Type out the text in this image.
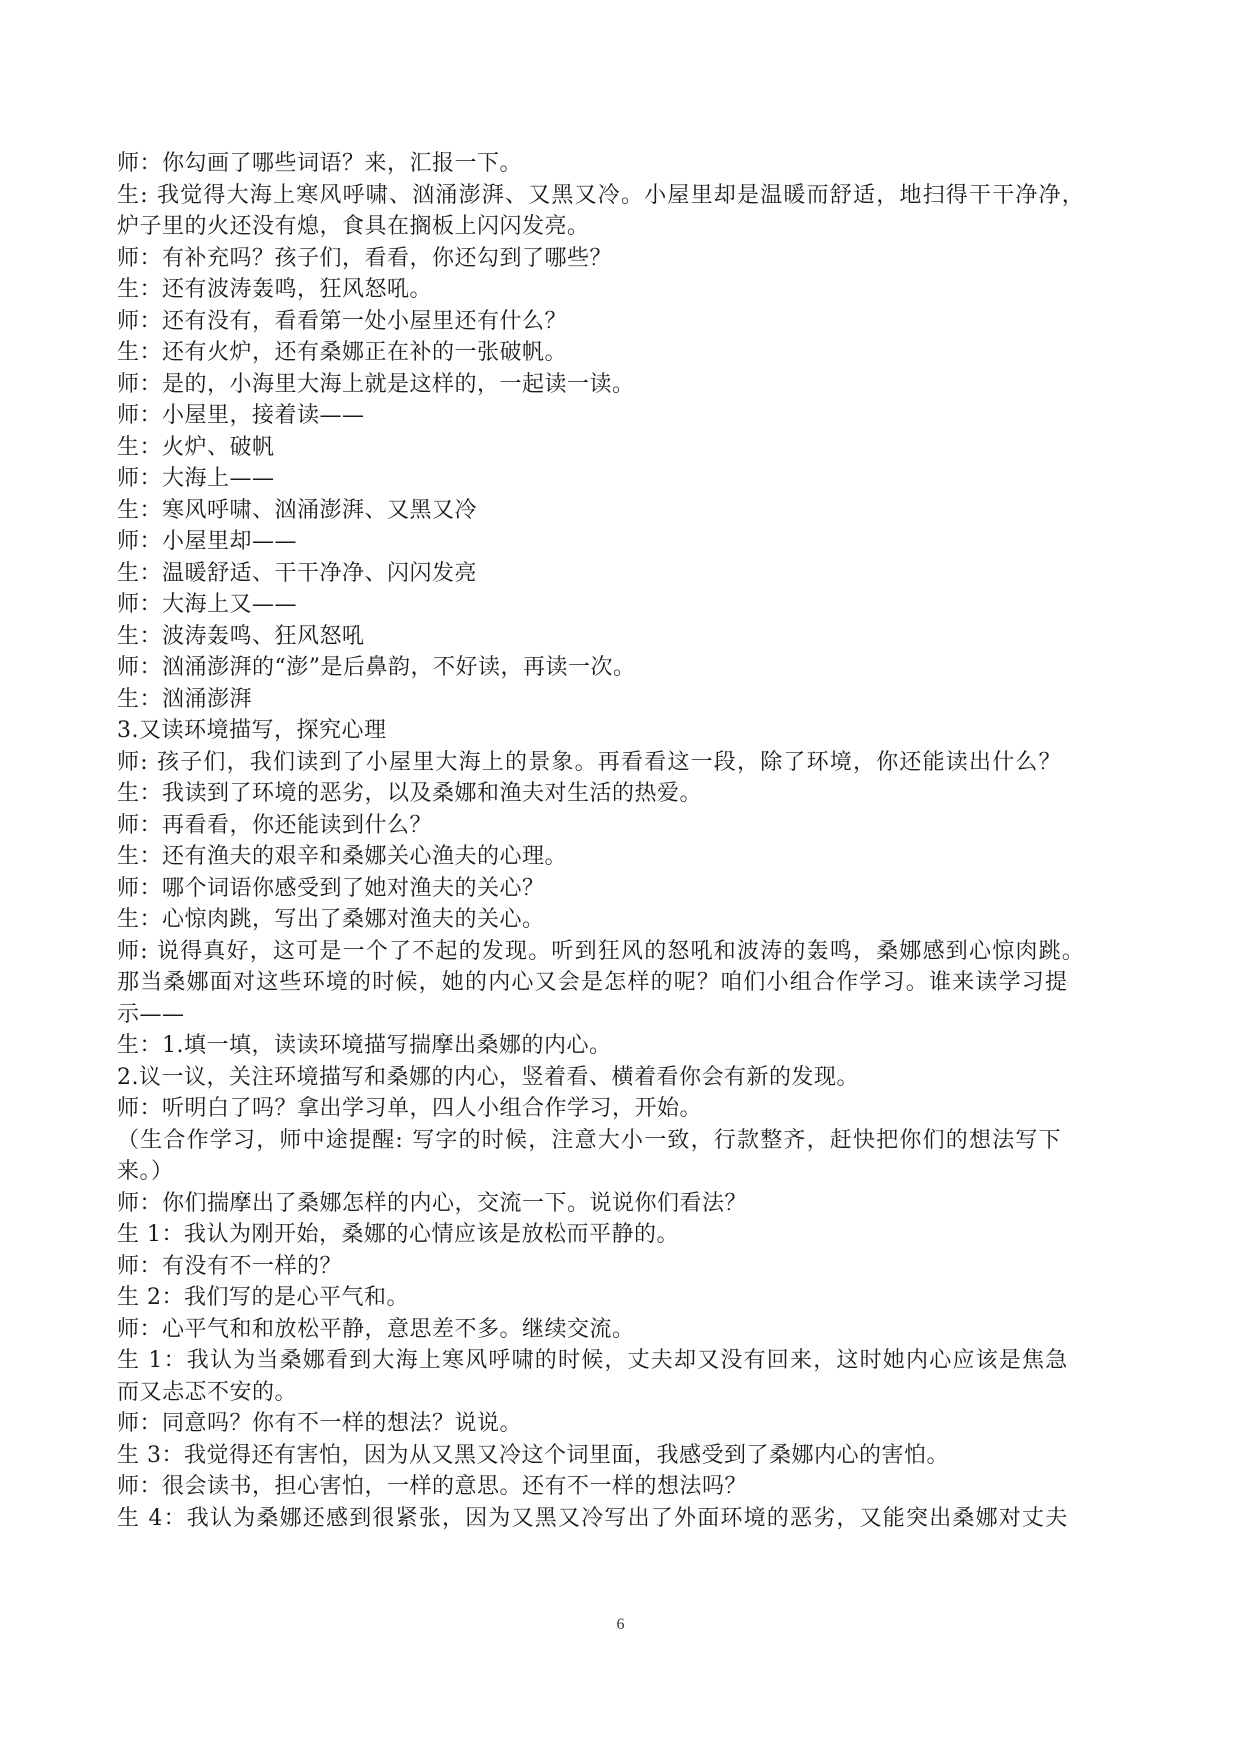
师：你勾画了哪些词语？来，汇报一下。
生: 我觉得大海上寒风呼啸、汹涌澎湃、又黑又冷。小屋里却是温暖而舒适，地扫得干干净净，
炉子里的火还没有熄，食具在搁板上闪闪发亮。
师：有补充吗？孩子们，看看，你还勾到了哪些？
生：还有波涛轰鸣，狂风怒吼。
师：还有没有，看看第一处小屋里还有什么？
生：还有火炉，还有桑娜正在补的一张破帆。
师：是的，小海里大海上就是这样的，一起读一读。
师：小屋里，接着读——
生：火炉、破帆
师：大海上——
生：寒风呼啸、汹涌澎湃、又黑又冷
师：小屋里却——
生：温暖舒适、干干净净、闪闪发亮
师：大海上又——
生：波涛轰鸣、狂风怒吼
师：汹涌澎湃的“澎”是后鼻韵，不好读，再读一次。
生：汹涌澎湃
3.又读环境描写，探究心理
师: 孩子们，我们读到了小屋里大海上的景象。再看看这一段，除了环境，你还能读出什么？
生：我读到了环境的恶劣，以及桑娜和渔夫对生活的热爱。
师：再看看，你还能读到什么？
生：还有渔夫的艰辛和桑娜关心渔夫的心理。
师：哪个词语你感受到了她对渔夫的关心？
生：心惊肉跳，写出了桑娜对渔夫的关心。
师: 说得真好，这可是一个了不起的发现。听到狂风的怒吼和波涛的轰鸣，桑娜感到心惊肉跳。
那当桑娜面对这些环境的时候，她的内心又会是怎样的呢？咱们小组合作学习。谁来读学习提
示——
生：1.填一填，读读环境描写揣摩出桑娜的内心。
2.议一议，关注环境描写和桑娜的内心，竖着看、横着看你会有新的发现。
师：听明白了吗？拿出学习单，四人小组合作学习，开始。
（生合作学习，师中途提醒: 写字的时候，注意大小一致，行款整齐，赶快把你们的想法写下
来。）
师：你们揣摩出了桑娜怎样的内心，交流一下。说说你们看法？
生 1：我认为刚开始，桑娜的心情应该是放松而平静的。
师：有没有不一样的？
生 2：我们写的是心平气和。
师：心平气和和放松平静，意思差不多。继续交流。
生 1：我认为当桑娜看到大海上寒风呼啸的时候，丈夫却又没有回来，这时她内心应该是焦急
而又忐忑不安的。
师：同意吗？你有不一样的想法？说说。
生 3：我觉得还有害怕，因为从又黑又冷这个词里面，我感受到了桑娜内心的害怕。
师：很会读书，担心害怕，一样的意思。还有不一样的想法吗？
生 4：我认为桑娜还感到很紧张，因为又黑又冷写出了外面环境的恶劣，又能突出桑娜对丈夫
6
